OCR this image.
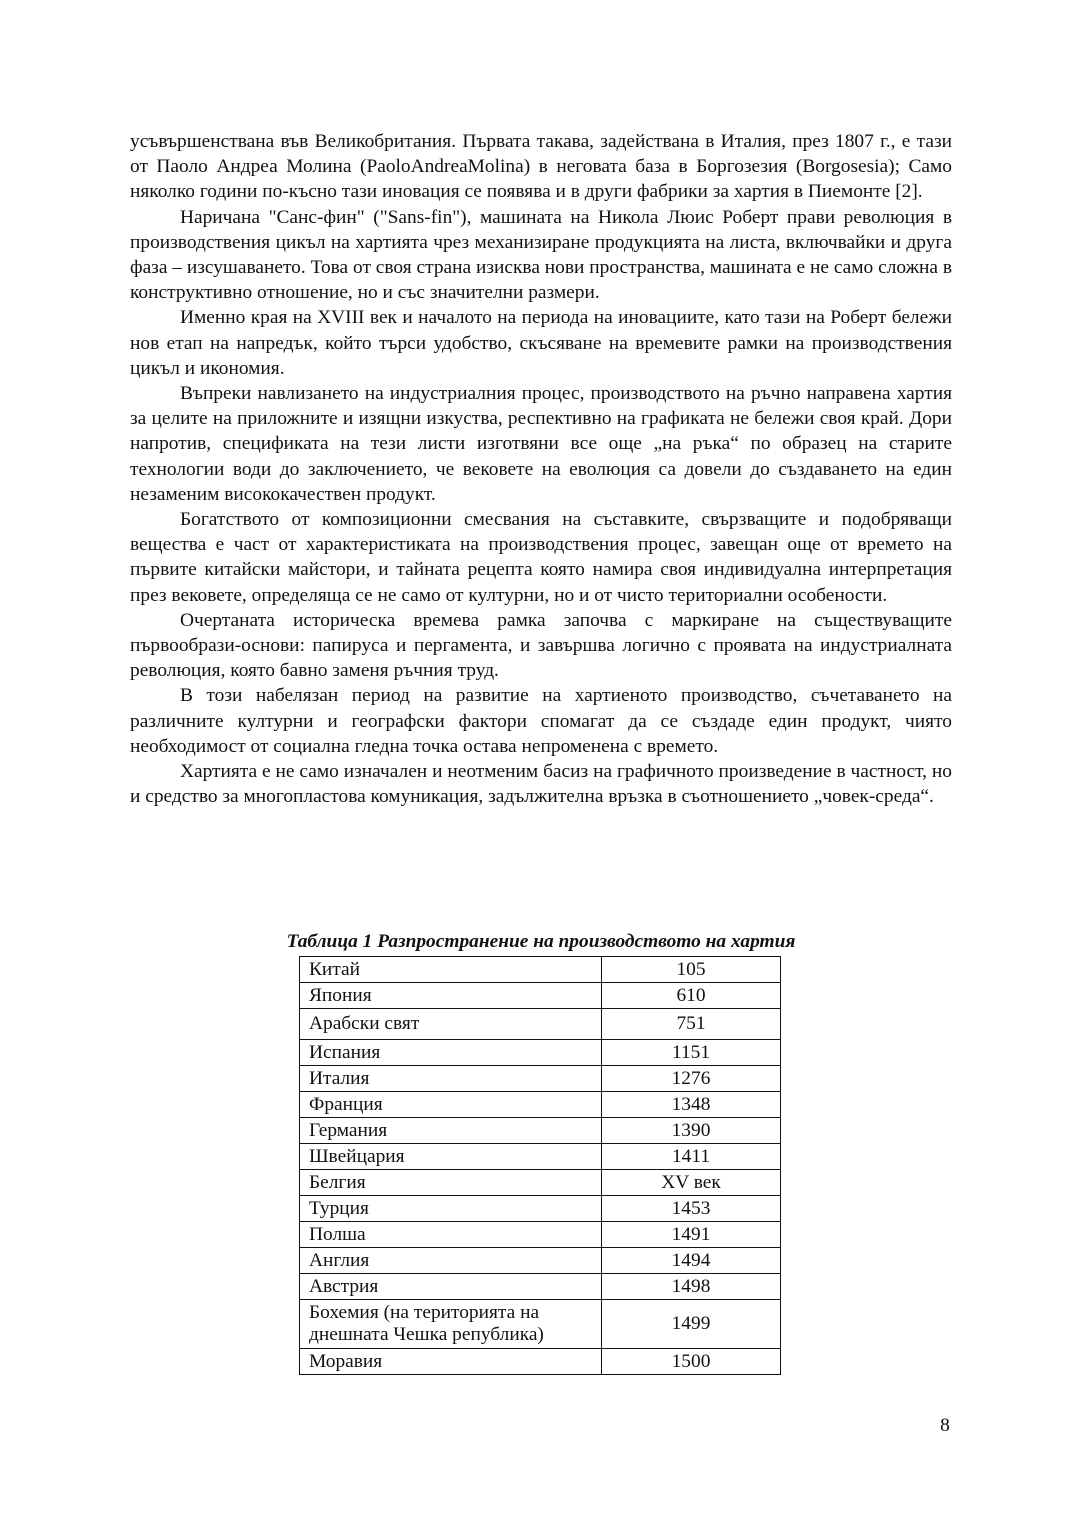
усъвършенствана във Великобритания. Първата такава, задействана в Италия, през 1807 г., е тази от Паоло Андреа Молина (PaoloAndreaMolina) в неговата база в Боргозезия (Borgosesia); Само няколко години по-късно тази иновация се появява и в други фабрики за хартия в Пиемонте [2].

Наричана "Санс-фин" ("Sans-fin"), машината на Никола Люис Роберт прави революция в производствения цикъл на хартията чрез механизиране продукцията на листа, включвайки и друга фаза – изсушаването. Това от своя страна изисква нови пространства, машината е не само сложна в конструктивно отношение, но и със значителни размери.

Именно края на XVIII век и началото на периода на иновациите, като тази на Роберт бележи нов етап на напредък, който търси удобство, скъсяване на времевите рамки на производствения цикъл и икономия.

Въпреки навлизането на индустриалния процес, производството на ръчно направена хартия за целите на приложните и изящни изкуства, респективно на графиката не бележи своя край. Дори напротив, спецификата на тези листи изготвяни все още „на ръка“ по образец на старите технологии води до заключението, че вековете на еволюция са довели до създаването на един незаменим висококачествен продукт.

Богатството от композиционни смесвания на съставките, свързващите и подобряващи вещества е част от характеристиката на производствения процес, завещан още от времето на първите китайски майстори, и тайната рецепта която намира своя индивидуална интерпретация през вековете, определяща се не само от културни, но и от чисто териториални особености.

Очертаната историческа времева рамка започва с маркиране на съществуващите първообрази-основи: папируса и пергамента, и завършва логично с проявата на индустриалната революция, която бавно заменя ръчния труд.

В този набелязан период на развитие на хартиеното производство, съчетаването на различните културни и географски фактори спомагат да се създаде един продукт, чиято необходимост от социална гледна точка остава непроменена с времето.

Хартията е не само изначален и неотменим басиз на графичното произведение в частност, но и средство за многопластова комуникация, задължителна връзка в съотношението „човек-среда“.

Таблица 1 Разпространение на производството на хартия
Китай	105
Япония	610
Арабски свят	751
Испания	1151
Италия	1276
Франция	1348
Германия	1390
Швейцария	1411
Белгия	XV век
Турция	1453
Полша	1491
Англия	1494
Австрия	1498
Бохемия (на територията на
днешната Чешка република)	1499
Моравия	1500
8
